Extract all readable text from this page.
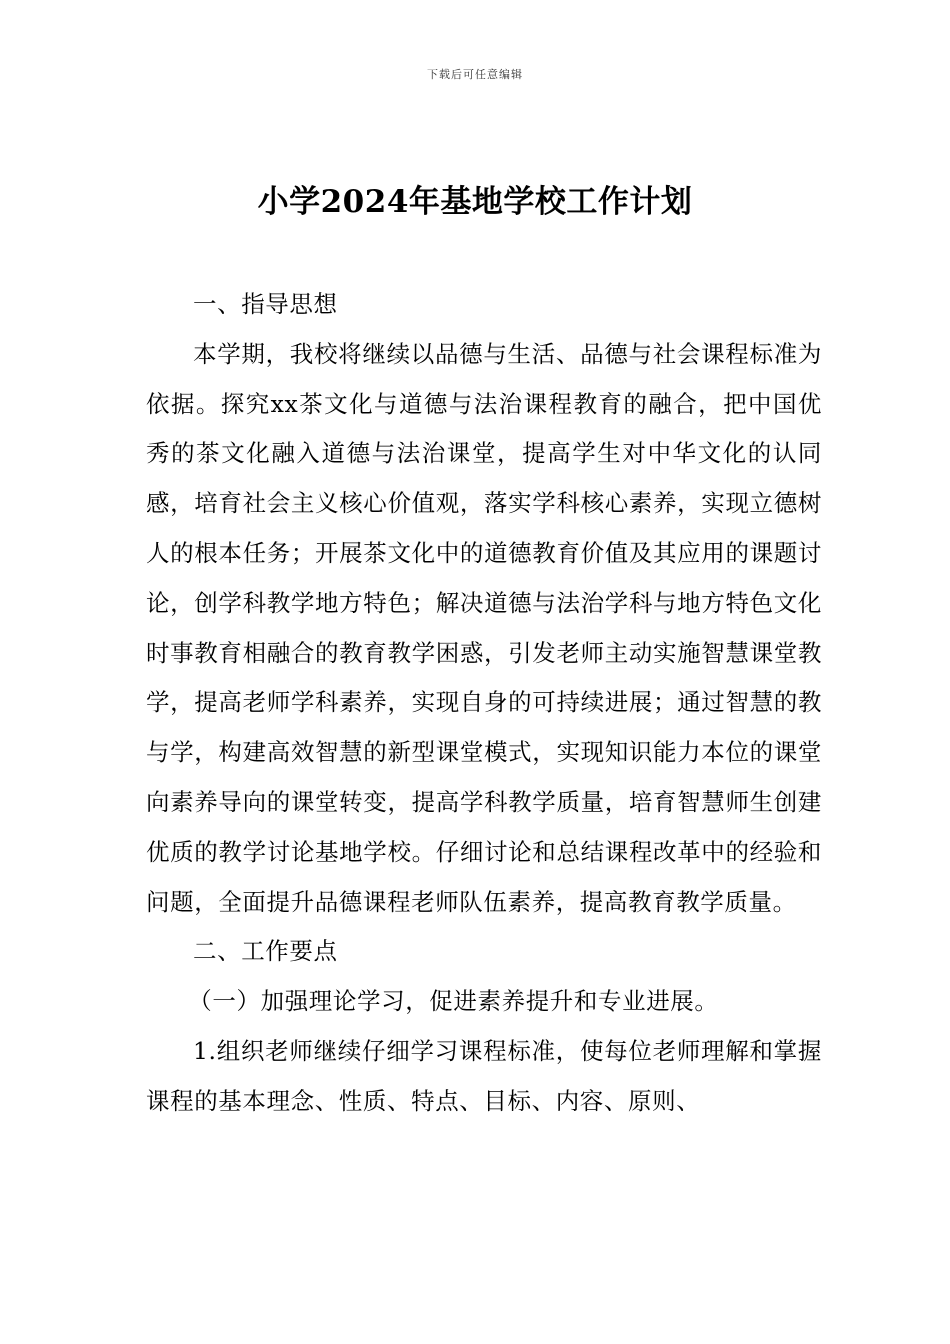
下载后可任意编辑
小学2024年基地学校工作计划

一、指导思想

本学期，我校将继续以品德与生活、品德与社会课程标准为依据。探究xx茶文化与道德与法治课程教育的融合，把中国优秀的茶文化融入道德与法治课堂，提高学生对中华文化的认同感，培育社会主义核心价值观，落实学科核心素养，实现立德树人的根本任务；开展茶文化中的道德教育价值及其应用的课题讨论，创学科教学地方特色；解决道德与法治学科与地方特色文化时事教育相融合的教育教学困惑，引发老师主动实施智慧课堂教学，提高老师学科素养，实现自身的可持续进展；通过智慧的教与学，构建高效智慧的新型课堂模式，实现知识能力本位的课堂向素养导向的课堂转变，提高学科教学质量，培育智慧师生创建优质的教学讨论基地学校。仔细讨论和总结课程改革中的经验和问题，全面提升品德课程老师队伍素养，提高教育教学质量。

二、工作要点

（一）加强理论学习，促进素养提升和专业进展。

1.组织老师继续仔细学习课程标准，使每位老师理解和掌握课程的基本理念、性质、特点、目标、内容、原则、
